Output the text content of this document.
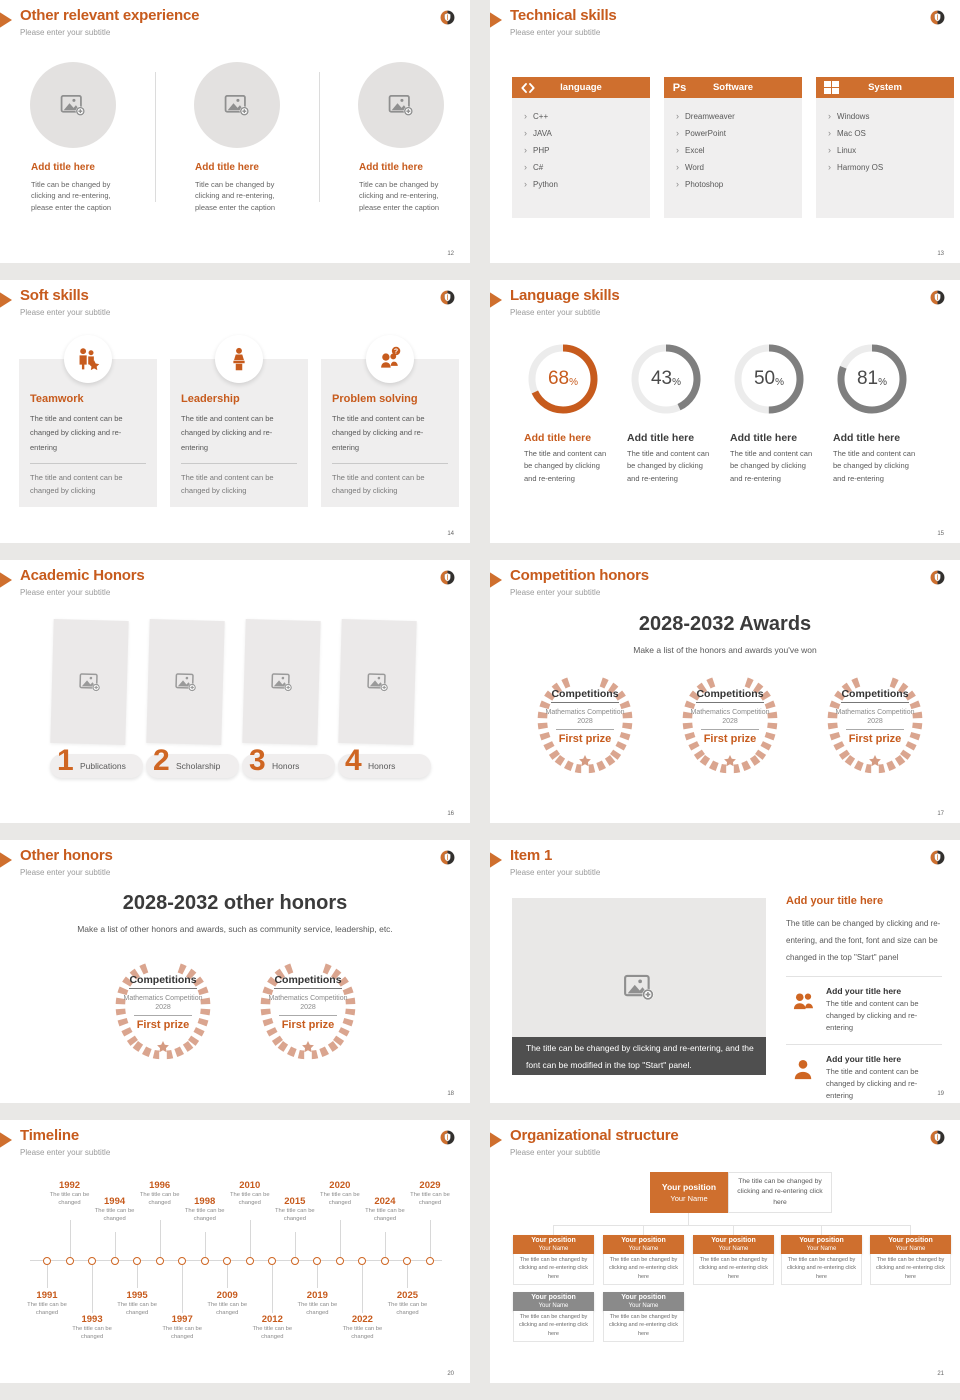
Other relevant experience
Please enter your subtitle
Add title here
Title can be changed by clicking and re-entering, please enter the caption
Add title here
Title can be changed by clicking and re-entering, please enter the caption
Add title here
Title can be changed by clicking and re-entering, please enter the caption
12
Technical skills
Please enter your subtitle
language
› C++
› JAVA
› PHP
› C#
› Python
Ps	Software
› Dreamweaver
› PowerPoint
› Excel
› Word
› Photoshop
System
› Windows
› Mac OS
› Linux
› Harmony OS
13
Soft skills
Please enter your subtitle
Teamwork
The title and content can be changed by clicking and re-entering
The title and content can be changed by clicking
Leadership
The title and content can be changed by clicking and re-entering
The title and content can be changed by clicking
Problem solving
The title and content can be changed by clicking and re-entering
The title and content can be changed by clicking
14
Language skills
Please enter your subtitle
68 %
Add title here
The title and content can be changed by clicking and re-entering
43 %
Add title here
The title and content can be changed by clicking and re-entering
50 %
Add title here
The title and content can be changed by clicking and re-entering
81 %
Add title here
The title and content can be changed by clicking and re-entering
15
Academic Honors
Please enter your subtitle
1 Publications 2 Scholarship 3 Honors 4 Honors
16
Competition honors
Please enter your subtitle
2028-2032 Awards
Make a list of the honors and awards you've won
Competitions
Mathematics Competition
2028
First prize
Competitions
Mathematics Competition
2028
First prize
Competitions
Mathematics Competition
2028
First prize
17
Other honors
Please enter your subtitle
2028-2032 other honors
Make a list of other honors and awards, such as community service, leadership, etc.
Competitions
Mathematics Competition
2028
First prize
Competitions
Mathematics Competition
2028
First prize
18
Item 1
Please enter your subtitle
The title can be changed by clicking and re-entering, and the font can be modified in the top "Start" panel.
Add your title here
The title can be changed by clicking and re-entering, and the font, font and size can be changed in the top "Start" panel
Add your title here
The title and content can be changed by clicking and re-entering
Add your title here
The title and content can be changed by clicking and re-entering	19
Timeline
Please enter your subtitle
1991
The title can be changed
1992
The title can be changed
1993
The title can be changed
1994
The title can be changed
1995
The title can be changed
1996
The title can be changed
1997
The title can be changed
1998
The title can be changed
2009
The title can be changed
2010
The title can be changed
2012
The title can be changed
2015
The title can be changed
2019
The title can be changed
2020
The title can be changed
2022
The title can be changed
2024
The title can be changed
2025
The title can be changed
2029
The title can be changed
20
Organizational structure
Please enter your subtitle
Your position
Your Name
The title can be changed by clicking and re-entering click here
Your position
Your Name
The title can be changed by clicking and re-entering click here
Your position
Your Name
The title can be changed by clicking and re-entering click here
Your position
Your Name
The title can be changed by clicking and re-entering click here
Your position
Your Name
The title can be changed by clicking and re-entering click here
Your position
Your Name
The title can be changed by clicking and re-entering click here
Your position
Your Name
The title can be changed by clicking and re-entering click here
Your position
Your Name
The title can be changed by clicking and re-entering click here
21
